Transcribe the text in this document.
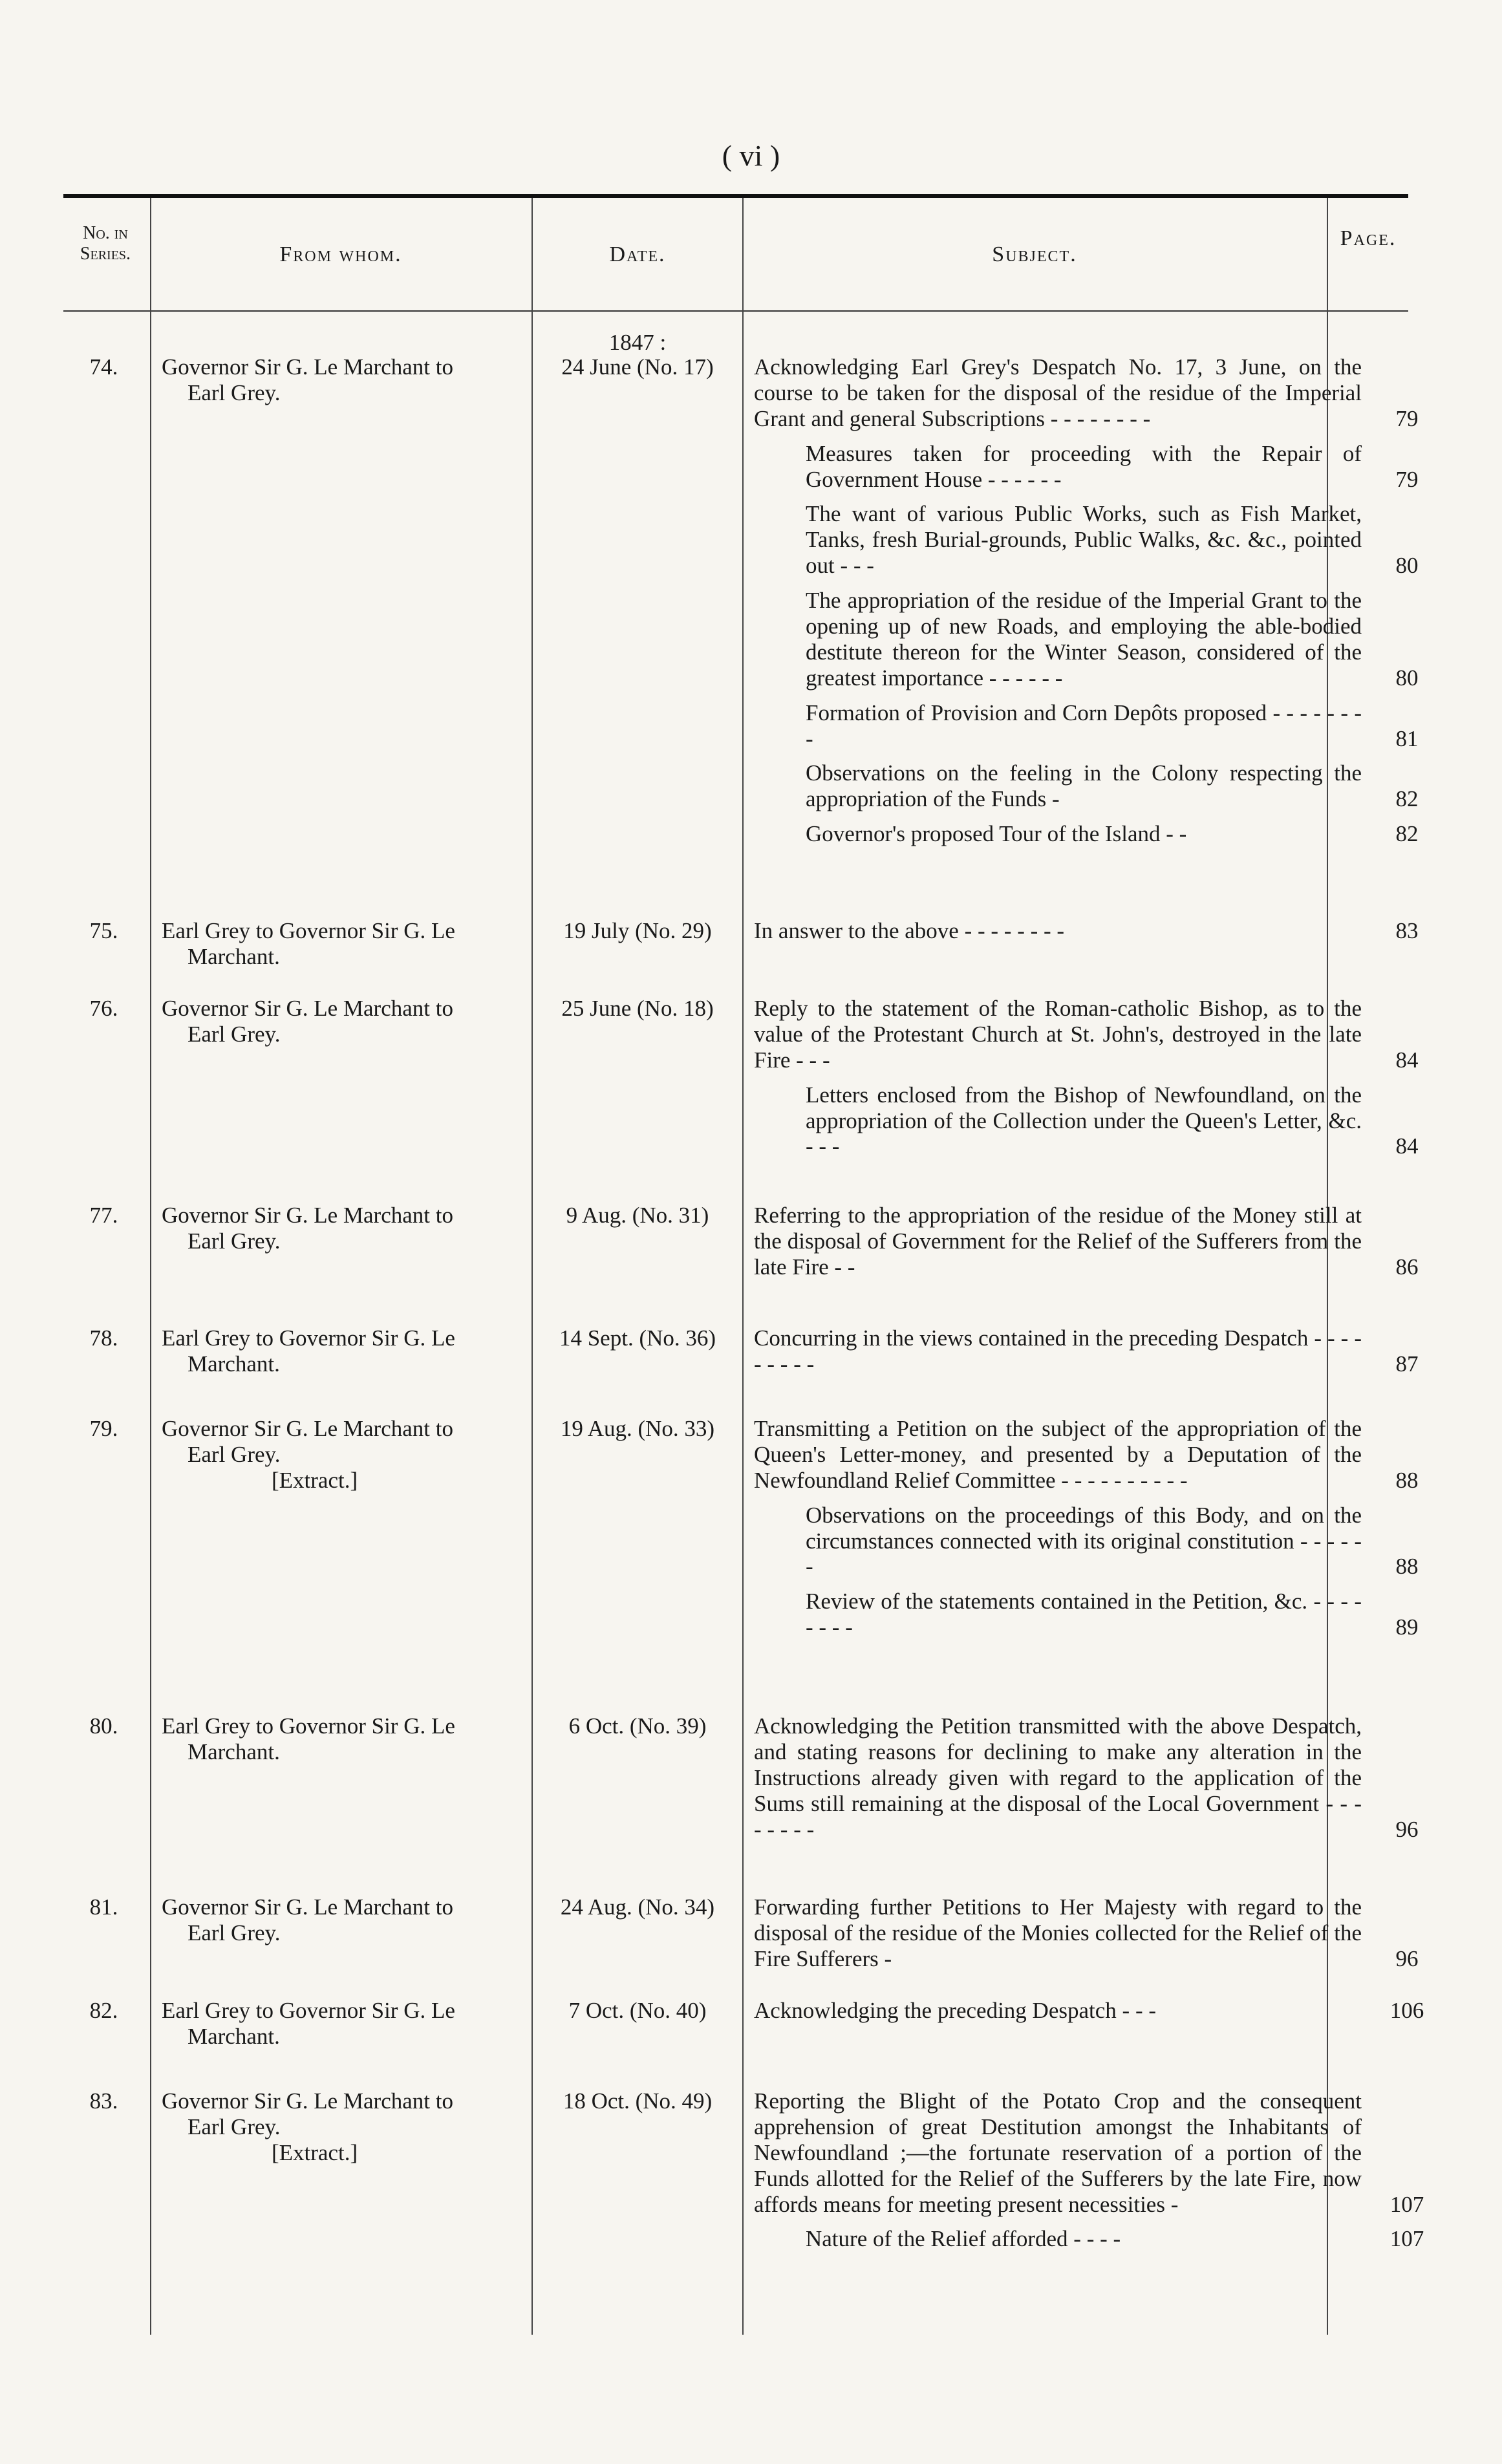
( vi )
No. in Series.	From whom.	Date.	Subject.
Page.
1847 :
74.	Governor Sir G. Le Marchant to
Earl Grey.
24 June (No. 17)	Acknowledging Earl Grey's Despatch No. 17, 3 June, on the course to be taken for the disposal of the residue of the Imperial Grant and general Subscriptions - - - - - - - -	79
Measures taken for proceeding with the Repair of Government House - - - - - -	79
The want of various Public Works, such as Fish Market, Tanks, fresh Burial-grounds, Public Walks, &c. &c., pointed out - - -	80
The appropriation of the residue of the Imperial Grant to the opening up of new Roads, and employing the able-bodied destitute thereon for the Winter Season, considered of the greatest importance - - - - - -	80
Formation of Provision and Corn Depôts proposed - - - - - - - -	81
Observations on the feeling in the Colony respecting the appropriation of the Funds -	82
Governor's proposed Tour of the Island - -	82
75.	Earl Grey to Governor Sir G. Le
Marchant.
19 July (No. 29)	In answer to the above - - - - - - - -	83
76.	Governor Sir G. Le Marchant to
Earl Grey.
25 June (No. 18)	Reply to the statement of the Roman-catholic Bishop, as to the value of the Protestant Church at St. John's, destroyed in the late Fire - - -	84
Letters enclosed from the Bishop of Newfoundland, on the appropriation of the Collection under the Queen's Letter, &c. - - -	84
77.	Governor Sir G. Le Marchant to
Earl Grey.
9 Aug. (No. 31)	Referring to the appropriation of the residue of the Money still at the disposal of Government for the Relief of the Sufferers from the late Fire - -	86
78.	Earl Grey to Governor Sir G. Le
Marchant.
14 Sept. (No. 36)	Concurring in the views contained in the preceding Despatch - - - - - - - - -	87
79.	Governor Sir G. Le Marchant to
Earl Grey.
[Extract.]
19 Aug. (No. 33)	Transmitting a Petition on the subject of the appropriation of the Queen's Letter-money, and presented by a Deputation of the Newfoundland Relief Committee - - - - - - - - - -	88
Observations on the proceedings of this Body, and on the circumstances connected with its original constitution - - - - - -	88
Review of the statements contained in the Petition, &c. - - - - - - - -	89
80.	Earl Grey to Governor Sir G. Le
Marchant.
6 Oct. (No. 39)	Acknowledging the Petition transmitted with the above Despatch, and stating reasons for declining to make any alteration in the Instructions already given with regard to the application of the Sums still remaining at the disposal of the Local Government - - - - - - - -	96
81.	Governor Sir G. Le Marchant to
Earl Grey.
24 Aug. (No. 34)	Forwarding further Petitions to Her Majesty with regard to the disposal of the residue of the Monies collected for the Relief of the Fire Sufferers -	96
82.	Earl Grey to Governor Sir G. Le
Marchant.
7 Oct. (No. 40)	Acknowledging the preceding Despatch - - -	106
83.	Governor Sir G. Le Marchant to
Earl Grey.
[Extract.]
18 Oct. (No. 49)	Reporting the Blight of the Potato Crop and the consequent apprehension of great Destitution amongst the Inhabitants of Newfoundland ;—the fortunate reservation of a portion of the Funds allotted for the Relief of the Sufferers by the late Fire, now affords means for meeting present necessities -	107
Nature of the Relief afforded - - - -	107
